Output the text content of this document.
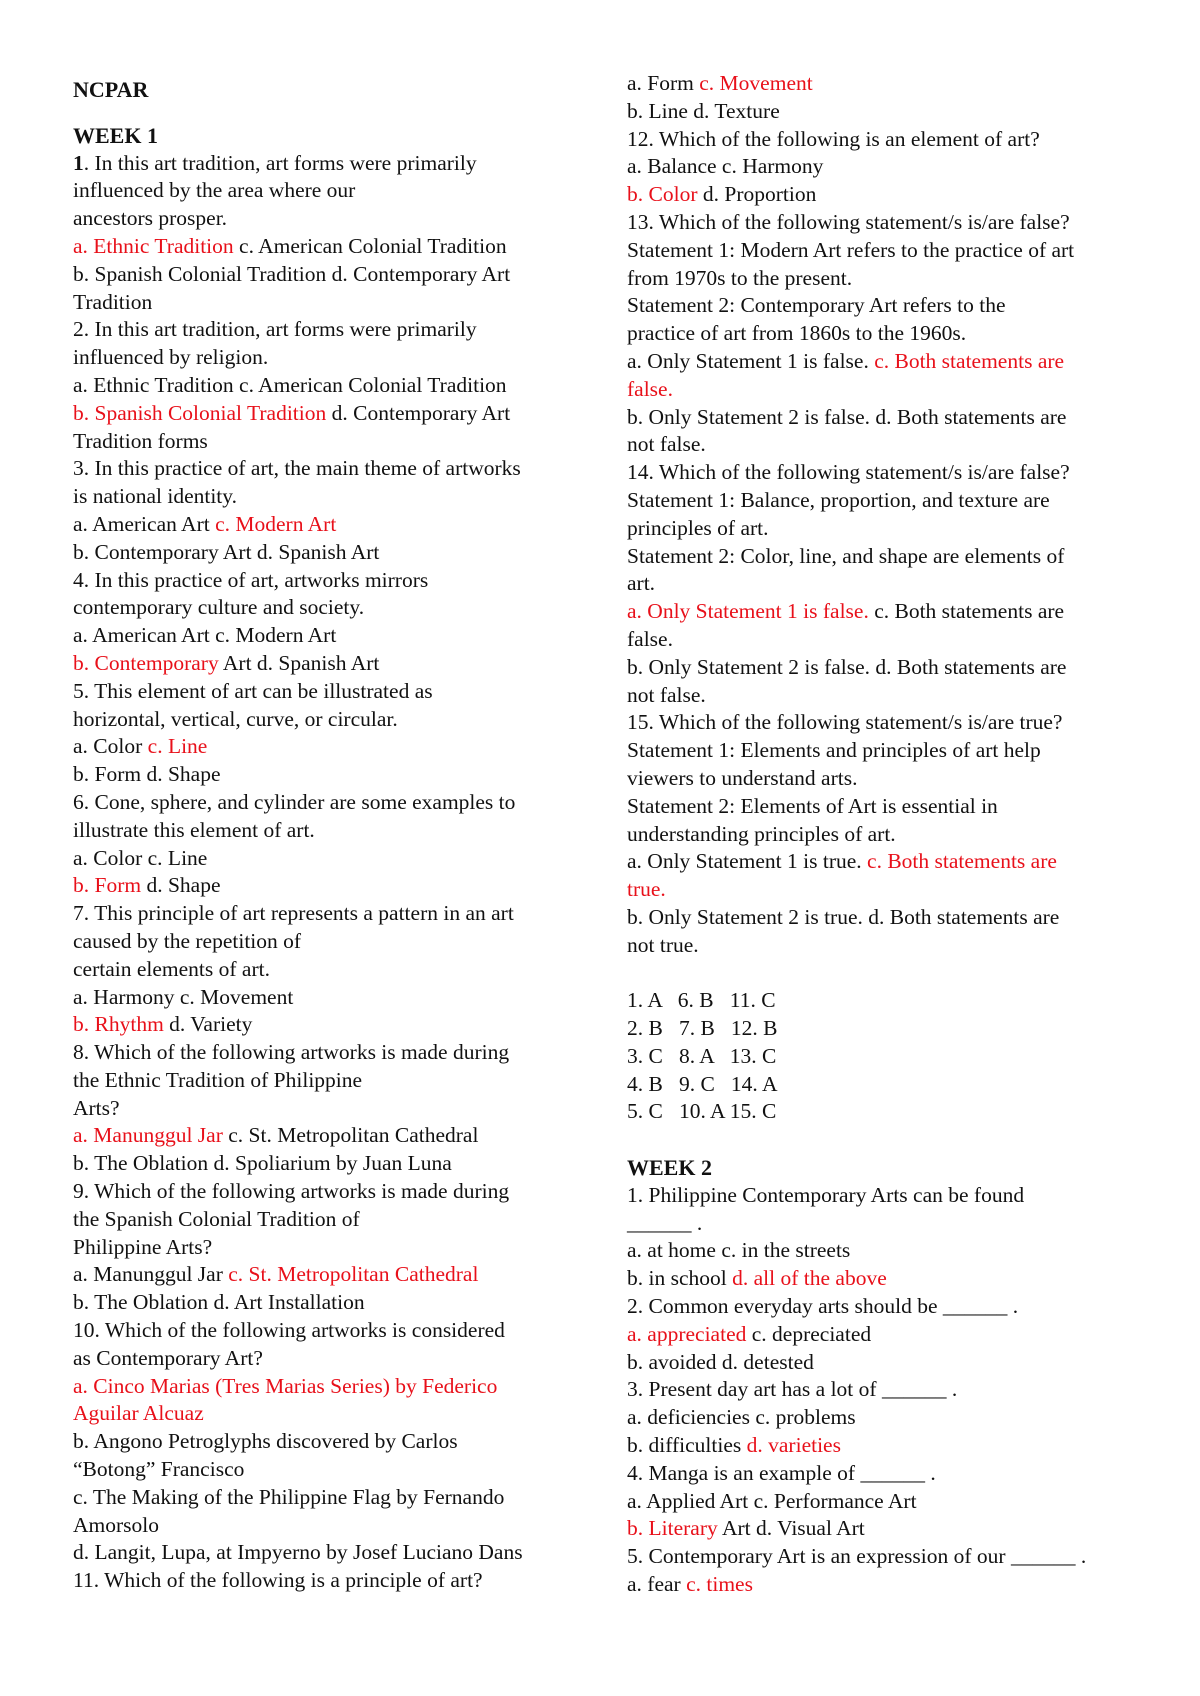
NCPAR
WEEK 1
1. In this art tradition, art forms were primarily
influenced by the area where our
ancestors prosper.
a. Ethnic Tradition c. American Colonial Tradition
b. Spanish Colonial Tradition d. Contemporary Art
Tradition
2. In this art tradition, art forms were primarily
influenced by religion.
a. Ethnic Tradition c. American Colonial Tradition
b. Spanish Colonial Tradition d. Contemporary Art
Tradition forms
3. In this practice of art, the main theme of artworks
is national identity.
a. American Art c. Modern Art
b. Contemporary Art d. Spanish Art
4. In this practice of art, artworks mirrors
contemporary culture and society.
a. American Art c. Modern Art
b. Contemporary Art d. Spanish Art
5. This element of art can be illustrated as
horizontal, vertical, curve, or circular.
a. Color c. Line
b. Form d. Shape
6. Cone, sphere, and cylinder are some examples to
illustrate this element of art.
a. Color c. Line
b. Form d. Shape
7. This principle of art represents a pattern in an art
caused by the repetition of
certain elements of art.
a. Harmony c. Movement
b. Rhythm d. Variety
8. Which of the following artworks is made during
the Ethnic Tradition of Philippine
Arts?
a. Manunggul Jar c. St. Metropolitan Cathedral
b. The Oblation d. Spoliarium by Juan Luna
9. Which of the following artworks is made during
the Spanish Colonial Tradition of
Philippine Arts?
a. Manunggul Jar c. St. Metropolitan Cathedral
b. The Oblation d. Art Installation
10. Which of the following artworks is considered
as Contemporary Art?
a. Cinco Marias (Tres Marias Series) by Federico
Aguilar Alcuaz
b. Angono Petroglyphs discovered by Carlos
“Botong” Francisco
c. The Making of the Philippine Flag by Fernando
Amorsolo
d. Langit, Lupa, at Impyerno by Josef Luciano Dans
11. Which of the following is a principle of art?
a. Form c. Movement
b. Line d. Texture
12. Which of the following is an element of art?
a. Balance c. Harmony
b. Color d. Proportion
13. Which of the following statement/s is/are false?
Statement 1: Modern Art refers to the practice of art
from 1970s to the present.
Statement 2: Contemporary Art refers to the
practice of art from 1860s to the 1960s.
a. Only Statement 1 is false. c. Both statements are
false.
b. Only Statement 2 is false. d. Both statements are
not false.
14. Which of the following statement/s is/are false?
Statement 1: Balance, proportion, and texture are
principles of art.
Statement 2: Color, line, and shape are elements of
art.
a. Only Statement 1 is false. c. Both statements are
false.
b. Only Statement 2 is false. d. Both statements are
not false.
15. Which of the following statement/s is/are true?
Statement 1: Elements and principles of art help
viewers to understand arts.
Statement 2: Elements of Art is essential in
understanding principles of art.
a. Only Statement 1 is true. c. Both statements are
true.
b. Only Statement 2 is true. d. Both statements are
not true.
1. A   6. B   11. C
2. B   7. B   12. B
3. C   8. A   13. C
4. B   9. C   14. A
5. C   10. A 15. C
WEEK 2
1. Philippine Contemporary Arts can be found
______ .
a. at home c. in the streets
b. in school d. all of the above
2. Common everyday arts should be ______ .
a. appreciated c. depreciated
b. avoided d. detested
3. Present day art has a lot of ______ .
a. deficiencies c. problems
b. difficulties d. varieties
4. Manga is an example of ______ .
a. Applied Art c. Performance Art
b. Literary Art d. Visual Art
5. Contemporary Art is an expression of our ______ .
a. fear c. times
